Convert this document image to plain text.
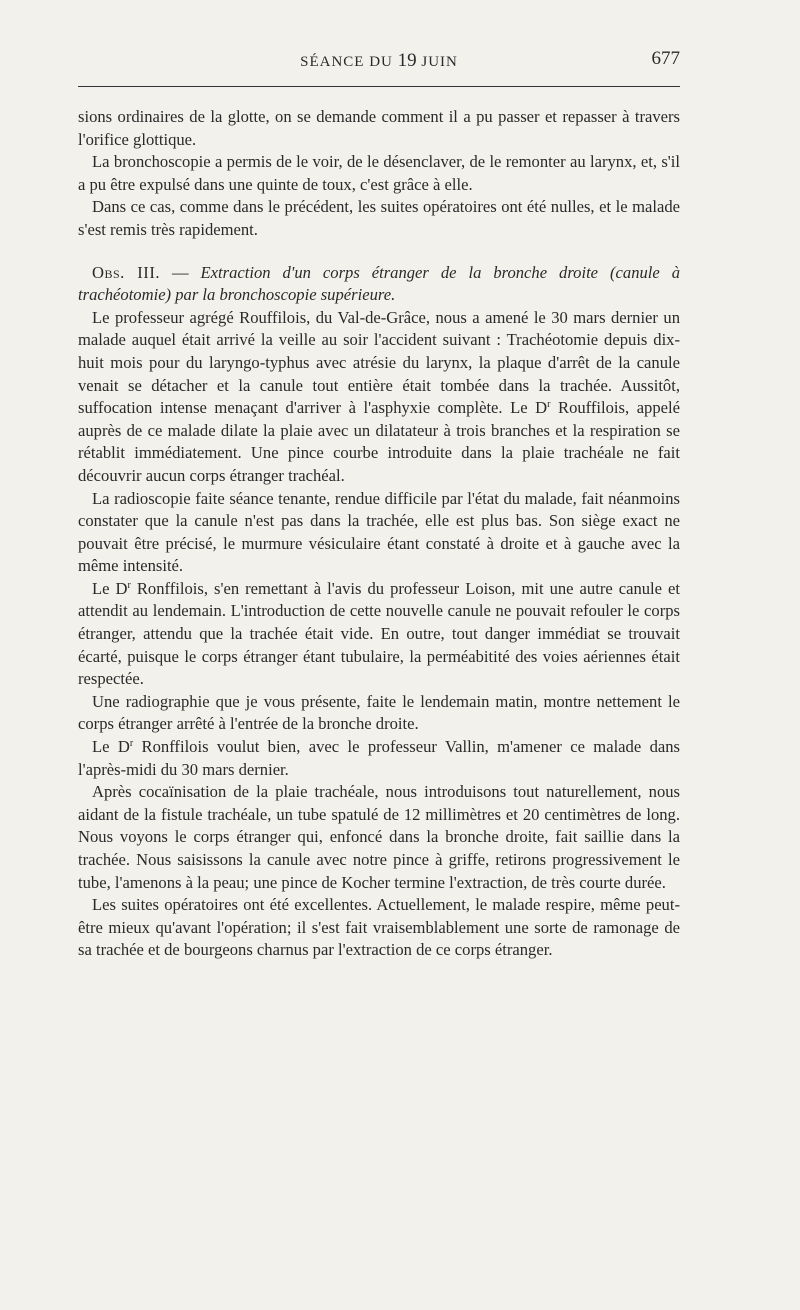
SÉANCE DU 19 JUIN	677

sions ordinaires de la glotte, on se demande comment il a pu passer et repasser à travers l'orifice glottique.

La bronchoscopie a permis de le voir, de le désenclaver, de le remonter au larynx, et, s'il a pu être expulsé dans une quinte de toux, c'est grâce à elle.

Dans ce cas, comme dans le précédent, les suites opératoires ont été nulles, et le malade s'est remis très rapidement.

Obs. III. — Extraction d'un corps étranger de la bronche droite (canule à trachéotomie) par la bronchoscopie supérieure.

Le professeur agrégé Rouffilois, du Val-de-Grâce, nous a amené le 30 mars dernier un malade auquel était arrivé la veille au soir l'accident suivant : Trachéotomie depuis dix-huit mois pour du laryngo-typhus avec atrésie du larynx, la plaque d'arrêt de la canule venait se détacher et la canule tout entière était tombée dans la trachée. Aussitôt, suffocation intense menaçant d'arriver à l'asphyxie complète. Le $D^r$ Rouffilois, appelé auprès de ce malade dilate la plaie avec un dilatateur à trois branches et la respiration se rétablit immédiatement. Une pince courbe introduite dans la plaie trachéale ne fait découvrir aucun corps étranger trachéal.

La radioscopie faite séance tenante, rendue difficile par l'état du malade, fait néanmoins constater que la canule n'est pas dans la trachée, elle est plus bas. Son siège exact ne pouvait être précisé, le murmure vésiculaire étant constaté à droite et à gauche avec la même intensité.

Le $D^r$ Ronffilois, s'en remettant à l'avis du professeur Loison, mit une autre canule et attendit au lendemain. L'introduction de cette nouvelle canule ne pouvait refouler le corps étranger, attendu que la trachée était vide. En outre, tout danger immédiat se trouvait écarté, puisque le corps étranger étant tubulaire, la perméabitité des voies aériennes était respectée.

Une radiographie que je vous présente, faite le lendemain matin, montre nettement le corps étranger arrêté à l'entrée de la bronche droite.

Le $D^r$ Ronffilois voulut bien, avec le professeur Vallin, m'amener ce malade dans l'après-midi du 30 mars dernier.

Après cocaïnisation de la plaie trachéale, nous introduisons tout naturellement, nous aidant de la fistule trachéale, un tube spatulé de 12 millimètres et 20 centimètres de long. Nous voyons le corps étranger qui, enfoncé dans la bronche droite, fait saillie dans la trachée. Nous saisissons la canule avec notre pince à griffe, retirons progressivement le tube, l'amenons à la peau; une pince de Kocher termine l'extraction, de très courte durée.

Les suites opératoires ont été excellentes. Actuellement, le malade respire, même peut-être mieux qu'avant l'opération; il s'est fait vraisemblablement une sorte de ramonage de sa trachée et de bourgeons charnus par l'extraction de ce corps étranger.
